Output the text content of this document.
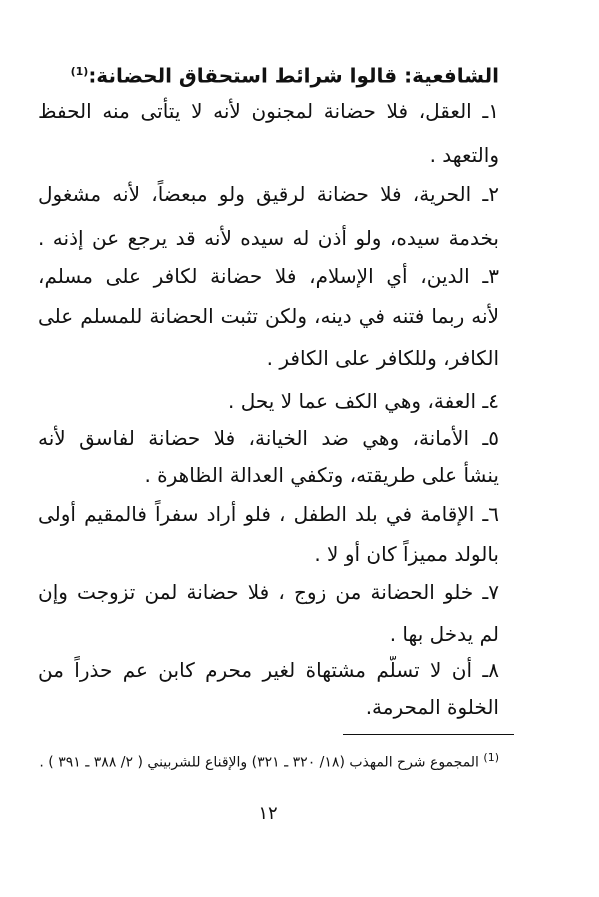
الشافعية: قالوا شرائط استحقاق الحضانة:$^{(1)}$
١ـ العقل، فلا حضانة لمجنون لأنه لا يتأتى منه الحفظ
والتعهد .
٢ـ الحرية، فلا حضانة لرقيق ولو مبعضاً، لأنه مشغول
بخدمة سيده، ولو أذن له سيده لأنه قد يرجع عن إذنه .
٣ـ الدين، أي الإسلام، فلا حضانة لكافر على مسلم،
لأنه ربما فتنه في دينه، ولكن تثبت الحضانة للمسلم على
الكافر، وللكافر على الكافر .
٤ـ العفة، وهي الكف عما لا يحل .
٥ـ الأمانة، وهي ضد الخيانة، فلا حضانة لفاسق لأنه
ينشأ على طريقته، وتكفي العدالة الظاهرة .
٦ـ الإقامة في بلد الطفل ، فلو أراد سفراً فالمقيم أولى
بالولد مميزاً كان أو لا .
٧ـ خلو الحضانة من زوج ، فلا حضانة لمن تزوجت وإن
لم يدخل بها .
٨ـ أن لا تسلَّم مشتهاة لغير محرم كابن عم حذراً من
الخلوة المحرمة.
$^{(1)}$ المجموع شرح المهذب (١٨/ ٣٢٠ ـ ٣٢١) والإقناع للشربيني ( ٢/ ٣٨٨ ـ ٣٩١ ) .
١٢
